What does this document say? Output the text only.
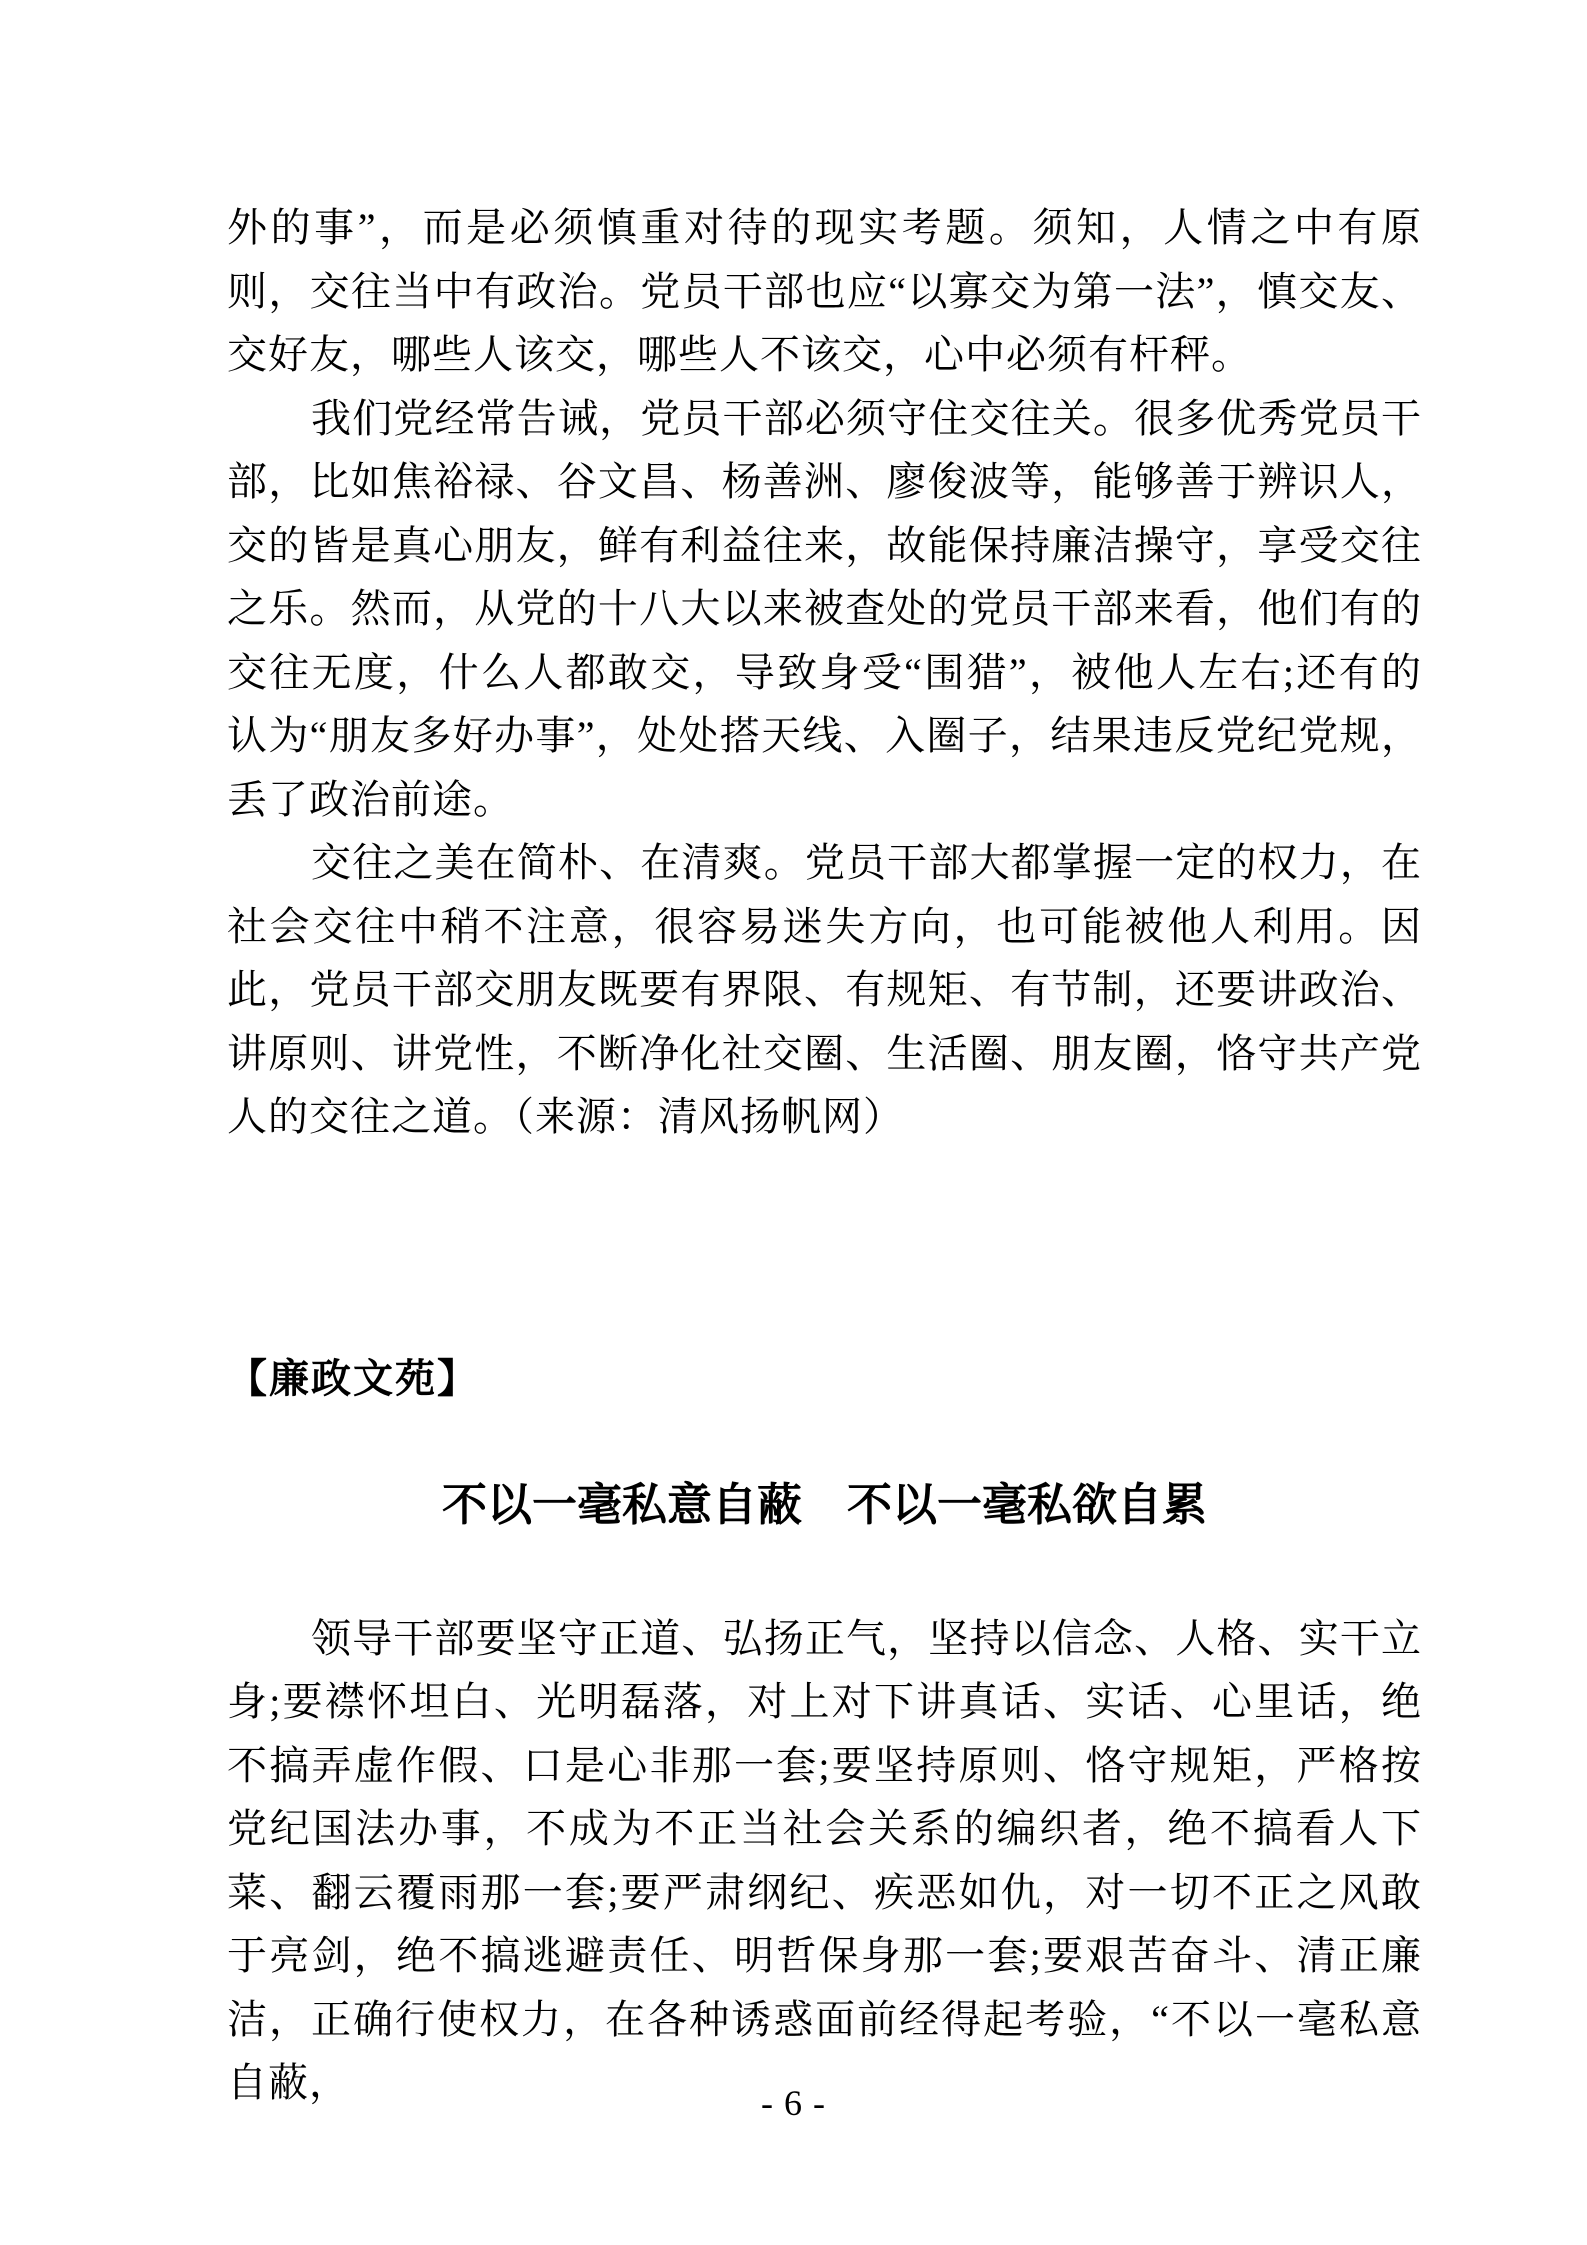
外的事”，而是必须慎重对待的现实考题。须知，人情之中有原则，交往当中有政治。党员干部也应“以寡交为第一法”，慎交友、交好友，哪些人该交，哪些人不该交，心中必须有杆秤。

我们党经常告诫，党员干部必须守住交往关。很多优秀党员干部，比如焦裕禄、谷文昌、杨善洲、廖俊波等，能够善于辨识人，交的皆是真心朋友，鲜有利益往来，故能保持廉洁操守，享受交往之乐。然而，从党的十八大以来被查处的党员干部来看，他们有的交往无度，什么人都敢交，导致身受“围猎”，被他人左右;还有的认为“朋友多好办事”，处处搭天线、入圈子，结果违反党纪党规，丢了政治前途。

交往之美在简朴、在清爽。党员干部大都掌握一定的权力，在社会交往中稍不注意，很容易迷失方向，也可能被他人利用。因此，党员干部交朋友既要有界限、有规矩、有节制，还要讲政治、讲原则、讲党性，不断净化社交圈、生活圈、朋友圈，恪守共产党人的交往之道。（来源：清风扬帆网）

【廉政文苑】
不以一毫私意自蔽　不以一毫私欲自累

领导干部要坚守正道、弘扬正气，坚持以信念、人格、实干立身;要襟怀坦白、光明磊落，对上对下讲真话、实话、心里话，绝不搞弄虚作假、口是心非那一套;要坚持原则、恪守规矩，严格按党纪国法办事，不成为不正当社会关系的编织者，绝不搞看人下菜、翻云覆雨那一套;要严肃纲纪、疾恶如仇，对一切不正之风敢于亮剑，绝不搞逃避责任、明哲保身那一套;要艰苦奋斗、清正廉洁，正确行使权力，在各种诱惑面前经得起考验，“不以一毫私意自蔽，	- 6 -
